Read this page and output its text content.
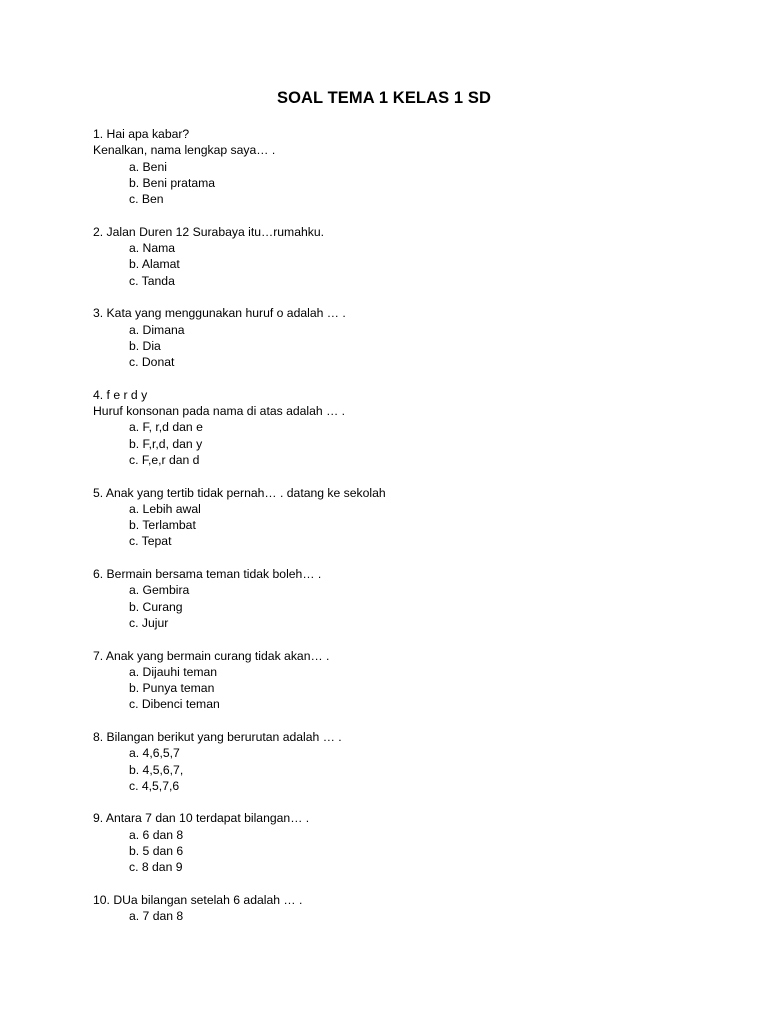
SOAL TEMA 1 KELAS 1 SD
1. Hai apa kabar?
Kenalkan, nama lengkap saya… .
a. Beni
b. Beni pratama
c. Ben
2. Jalan Duren 12 Surabaya itu…rumahku.
a. Nama
b. Alamat
c. Tanda
3. Kata yang menggunakan huruf o adalah … .
a. Dimana
b. Dia
c. Donat
4. f e r d y
Huruf konsonan pada nama di atas adalah … .
a. F, r,d dan e
b. F,r,d, dan y
c. F,e,r dan d
5. Anak yang tertib tidak pernah… . datang ke sekolah
a. Lebih awal
b. Terlambat
c. Tepat
6. Bermain bersama teman tidak boleh… .
a. Gembira
b. Curang
c. Jujur
7. Anak yang bermain curang tidak akan… .
a. Dijauhi teman
b. Punya teman
c. Dibenci teman
8. Bilangan berikut yang berurutan adalah … .
a. 4,6,5,7
b. 4,5,6,7,
c. 4,5,7,6
9. Antara 7 dan 10 terdapat bilangan… .
a. 6 dan 8
b. 5 dan 6
c. 8 dan 9
10. DUa bilangan setelah 6 adalah … .
a. 7 dan 8
